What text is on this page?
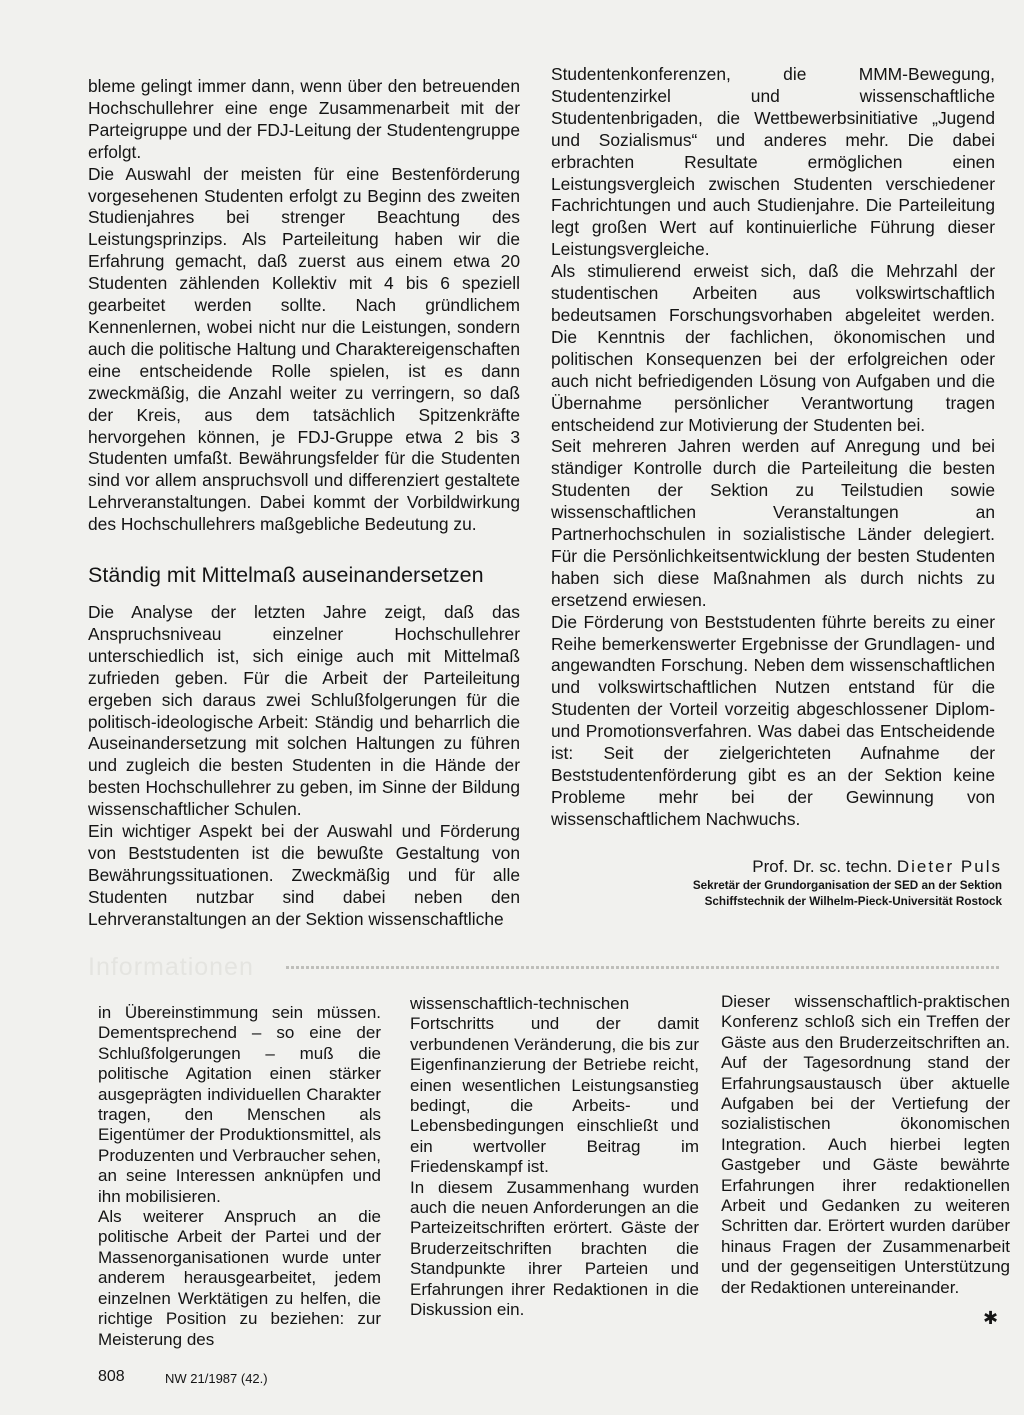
bleme gelingt immer dann, wenn über den betreuenden Hochschullehrer eine enge Zusammenarbeit mit der Parteigruppe und der FDJ-Leitung der Studentengruppe erfolgt.

Die Auswahl der meisten für eine Bestenförderung vorgesehenen Studenten erfolgt zu Beginn des zweiten Studienjahres bei strenger Beachtung des Leistungsprinzips. Als Parteileitung haben wir die Erfahrung gemacht, daß zuerst aus einem etwa 20 Studenten zählenden Kollektiv mit 4 bis 6 speziell gearbeitet werden sollte. Nach gründlichem Kennenlernen, wobei nicht nur die Leistungen, sondern auch die politische Haltung und Charaktereigenschaften eine entscheidende Rolle spielen, ist es dann zweckmäßig, die Anzahl weiter zu verringern, so daß der Kreis, aus dem tatsächlich Spitzenkräfte hervorgehen können, je FDJ-Gruppe etwa 2 bis 3 Studenten umfaßt. Bewährungsfelder für die Studenten sind vor allem anspruchsvoll und differenziert gestaltete Lehrveranstaltungen. Dabei kommt der Vorbildwirkung des Hochschullehrers maßgebliche Bedeutung zu.

Ständig mit Mittelmaß auseinandersetzen

Die Analyse der letzten Jahre zeigt, daß das Anspruchsniveau einzelner Hochschullehrer unterschiedlich ist, sich einige auch mit Mittelmaß zufrieden geben. Für die Arbeit der Parteileitung ergeben sich daraus zwei Schlußfolgerungen für die politisch-ideologische Arbeit: Ständig und beharrlich die Auseinandersetzung mit solchen Haltungen zu führen und zugleich die besten Studenten in die Hände der besten Hochschullehrer zu geben, im Sinne der Bildung wissenschaftlicher Schulen.

Ein wichtiger Aspekt bei der Auswahl und Förderung von Beststudenten ist die bewußte Gestaltung von Bewährungssituationen. Zweckmäßig und für alle Studenten nutzbar sind dabei neben den Lehrveranstaltungen an der Sektion wissenschaftliche

Studentenkonferenzen, die MMM-Bewegung, Studentenzirkel und wissenschaftliche Studentenbrigaden, die Wettbewerbsinitiative „Jugend und Sozialismus“ und anderes mehr. Die dabei erbrachten Resultate ermöglichen einen Leistungsvergleich zwischen Studenten verschiedener Fachrichtungen und auch Studienjahre. Die Parteileitung legt großen Wert auf kontinuierliche Führung dieser Leistungsvergleiche.

Als stimulierend erweist sich, daß die Mehrzahl der studentischen Arbeiten aus volkswirtschaftlich bedeutsamen Forschungsvorhaben abgeleitet werden. Die Kenntnis der fachlichen, ökonomischen und politischen Konsequenzen bei der erfolgreichen oder auch nicht befriedigenden Lösung von Aufgaben und die Übernahme persönlicher Verantwortung tragen entscheidend zur Motivierung der Studenten bei.

Seit mehreren Jahren werden auf Anregung und bei ständiger Kontrolle durch die Parteileitung die besten Studenten der Sektion zu Teilstudien sowie wissenschaftlichen Veranstaltungen an Partnerhochschulen in sozialistische Länder delegiert. Für die Persönlichkeitsentwicklung der besten Studenten haben sich diese Maßnahmen als durch nichts zu ersetzend erwiesen.

Die Förderung von Beststudenten führte bereits zu einer Reihe bemerkenswerter Ergebnisse der Grundlagen- und angewandten Forschung. Neben dem wissenschaftlichen und volkswirtschaftlichen Nutzen entstand für die Studenten der Vorteil vorzeitig abgeschlossener Diplom- und Promotionsverfahren. Was dabei das Entscheidende ist: Seit der zielgerichteten Aufnahme der Beststudentenförderung gibt es an der Sektion keine Probleme mehr bei der Gewinnung von wissenschaftlichem Nachwuchs.

Prof. Dr. sc. techn. Dieter Puls
Sekretär der Grundorganisation der SED an der Sektion
Schiffstechnik der Wilhelm-Pieck-Universität Rostock
Informationen

in Übereinstimmung sein müssen. Dementsprechend – so eine der Schlußfolgerungen – muß die politische Agitation einen stärker ausgeprägten individuellen Charakter tragen, den Menschen als Eigentümer der Produktionsmittel, als Produzenten und Verbraucher sehen, an seine Interessen anknüpfen und ihn mobilisieren.

Als weiterer Anspruch an die politische Arbeit der Partei und der Massenorganisationen wurde unter anderem herausgearbeitet, jedem einzelnen Werktätigen zu helfen, die richtige Position zu beziehen: zur Meisterung des

wissenschaftlich-technischen Fortschritts und der damit verbundenen Veränderung, die bis zur Eigenfinanzierung der Betriebe reicht, einen wesentlichen Leistungsanstieg bedingt, die Arbeits- und Lebensbedingungen einschließt und ein wertvoller Beitrag im Friedenskampf ist.

In diesem Zusammenhang wurden auch die neuen Anforderungen an die Parteizeitschriften erörtert. Gäste der Bruderzeitschriften brachten die Standpunkte ihrer Parteien und Erfahrungen ihrer Redaktionen in die Diskussion ein.

Dieser wissenschaftlich-praktischen Konferenz schloß sich ein Treffen der Gäste aus den Bruderzeitschriften an. Auf der Tagesordnung stand der Erfahrungsaustausch über aktuelle Aufgaben bei der Vertiefung der sozialistischen ökonomischen Integration. Auch hierbei legten Gastgeber und Gäste bewährte Erfahrungen ihrer redaktionellen Arbeit und Gedanken zu weiteren Schritten dar. Erörtert wurden darüber hinaus Fragen der Zusammenarbeit und der gegenseitigen Unterstützung der Redaktionen untereinander.

✱
808	NW 21/1987 (42.)
